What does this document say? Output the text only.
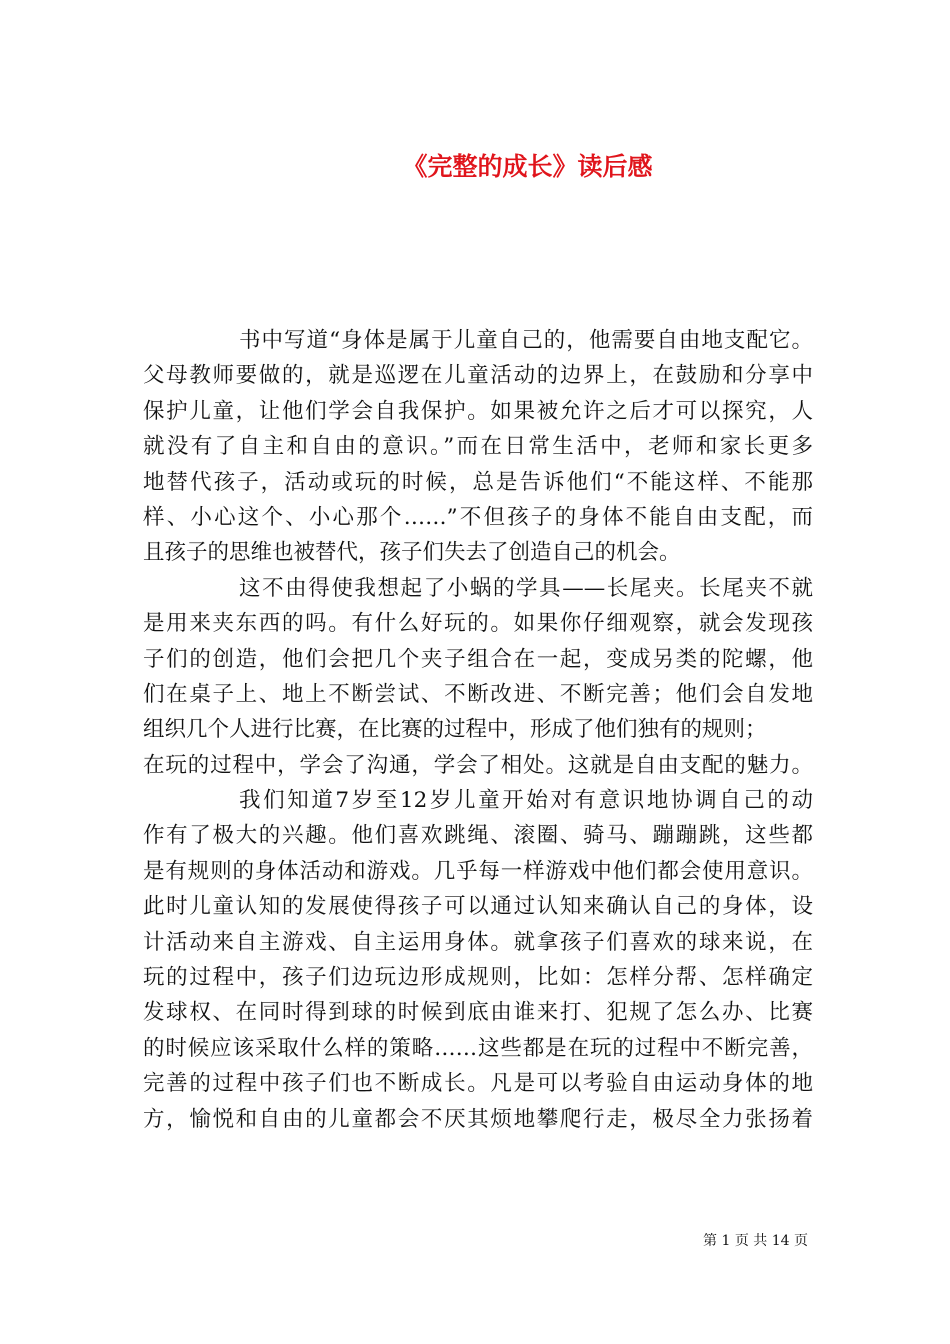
《完整的成长》读后感

书中写道“身体是属于儿童自己的，他需要自由地支配它。
父母教师要做的，就是巡逻在儿童活动的边界上，在鼓励和分享中
保护儿童，让他们学会自我保护。如果被允许之后才可以探究，人
就没有了自主和自由的意识。”而在日常生活中，老师和家长更多
地替代孩子，活动或玩的时候，总是告诉他们“不能这样、不能那
样、小心这个、小心那个……”不但孩子的身体不能自由支配，而
且孩子的思维也被替代，孩子们失去了创造自己的机会。

这不由得使我想起了小蜗的学具——长尾夹。长尾夹不就
是用来夹东西的吗。有什么好玩的。如果你仔细观察，就会发现孩
子们的创造，他们会把几个夹子组合在一起，变成另类的陀螺，他
们在桌子上、地上不断尝试、不断改进、不断完善；他们会自发地
组织几个人进行比赛，在比赛的过程中，形成了他们独有的规则；
在玩的过程中，学会了沟通，学会了相处。这就是自由支配的魅力。

我们知道7岁至12岁儿童开始对有意识地协调自己的动
作有了极大的兴趣。他们喜欢跳绳、滚圈、骑马、蹦蹦跳，这些都
是有规则的身体活动和游戏。几乎每一样游戏中他们都会使用意识。
此时儿童认知的发展使得孩子可以通过认知来确认自己的身体，设
计活动来自主游戏、自主运用身体。就拿孩子们喜欢的球来说，在
玩的过程中，孩子们边玩边形成规则，比如：怎样分帮、怎样确定
发球权、在同时得到球的时候到底由谁来打、犯规了怎么办、比赛
的时候应该采取什么样的策略……这些都是在玩的过程中不断完善，
完善的过程中孩子们也不断成长。凡是可以考验自由运动身体的地
方，愉悦和自由的儿童都会不厌其烦地攀爬行走，极尽全力张扬着

第 1 页 共 14 页
